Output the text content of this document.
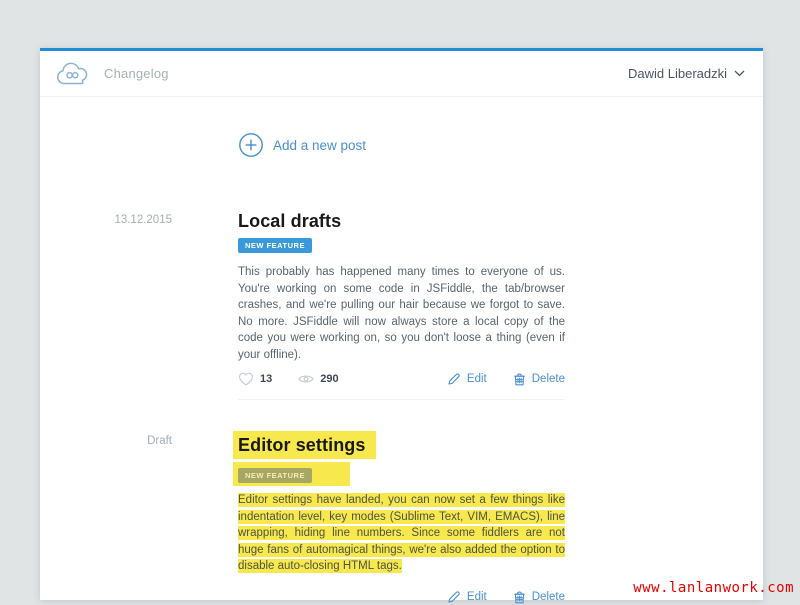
Changelog	Dawid Liberadzki
Add a new post
13.12.2015	Local drafts
NEW FEATURE

This probably has happened many times to everyone of us. You're working on some code in JSFiddle, the tab/browser crashes, and we're pulling our hair because we forgot to save. No more. JSFiddle will now always store a local copy of the code you were working on, so you don't loose a thing (even if your offline).

13	290	Edit	Delete
Draft	Editor settings
NEW FEATURE

Editor settings have landed, you can now set a few things like indentation level, key modes (Sublime Text, VIM, EMACS), line wrapping, hiding line numbers. Since some fiddlers are not huge fans of automagical things, we're also added the option to disable auto-closing HTML tags.

Edit	Delete
www.lanlanwork.com
